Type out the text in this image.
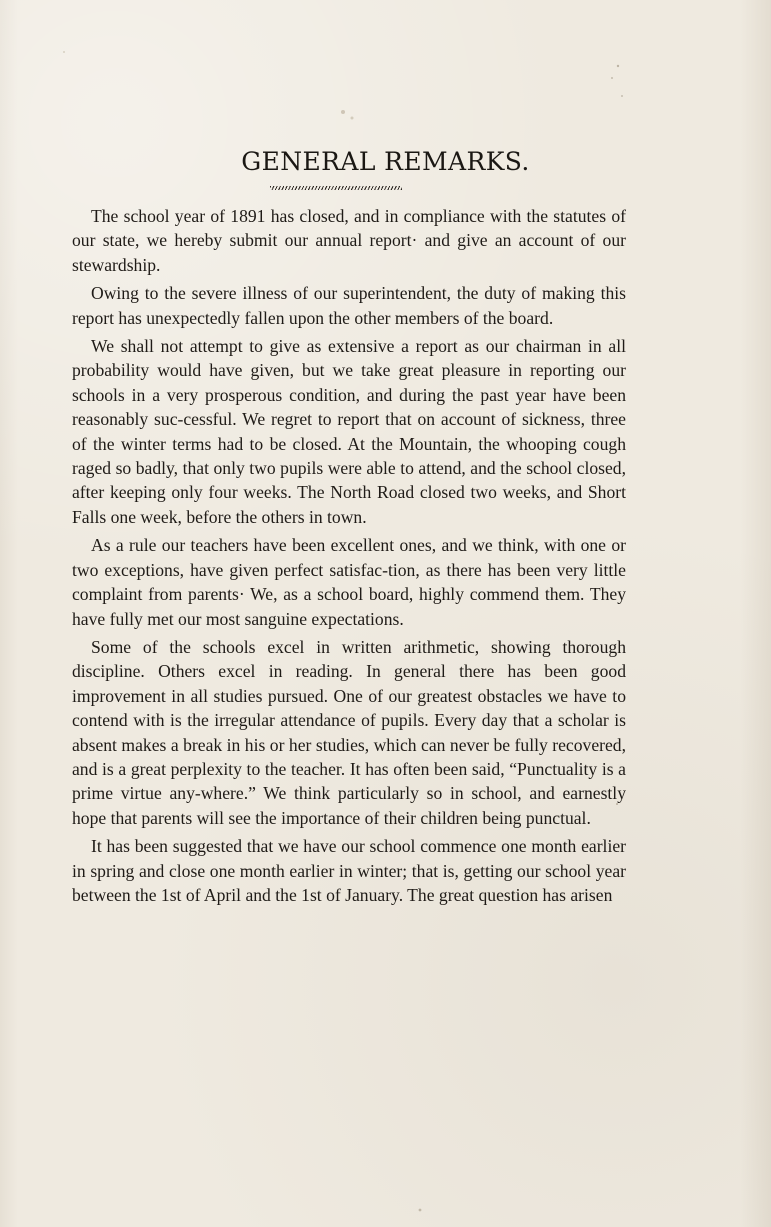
GENERAL REMARKS.

The school year of 1891 has closed, and in compliance with the statutes of our state, we hereby submit our annual report· and give an account of our stewardship.

Owing to the severe illness of our superintendent, the duty of making this report has unexpectedly fallen upon the other members of the board.

We shall not attempt to give as extensive a report as our chairman in all probability would have given, but we take great pleasure in reporting our schools in a very prosperous condition, and during the past year have been reasonably suc-cessful. We regret to report that on account of sickness, three of the winter terms had to be closed. At the Mountain, the whooping cough raged so badly, that only two pupils were able to attend, and the school closed, after keeping only four weeks. The North Road closed two weeks, and Short Falls one week, before the others in town.

As a rule our teachers have been excellent ones, and we think, with one or two exceptions, have given perfect satisfac-tion, as there has been very little complaint from parents· We, as a school board, highly commend them. They have fully met our most sanguine expectations.

Some of the schools excel in written arithmetic, showing thorough discipline. Others excel in reading. In general there has been good improvement in all studies pursued. One of our greatest obstacles we have to contend with is the irregular attendance of pupils. Every day that a scholar is absent makes a break in his or her studies, which can never be fully recovered, and is a great perplexity to the teacher. It has often been said, “Punctuality is a prime virtue any-where.” We think particularly so in school, and earnestly hope that parents will see the importance of their children being punctual.

It has been suggested that we have our school commence one month earlier in spring and close one month earlier in winter; that is, getting our school year between the 1st of April and the 1st of January. The great question has arisen
